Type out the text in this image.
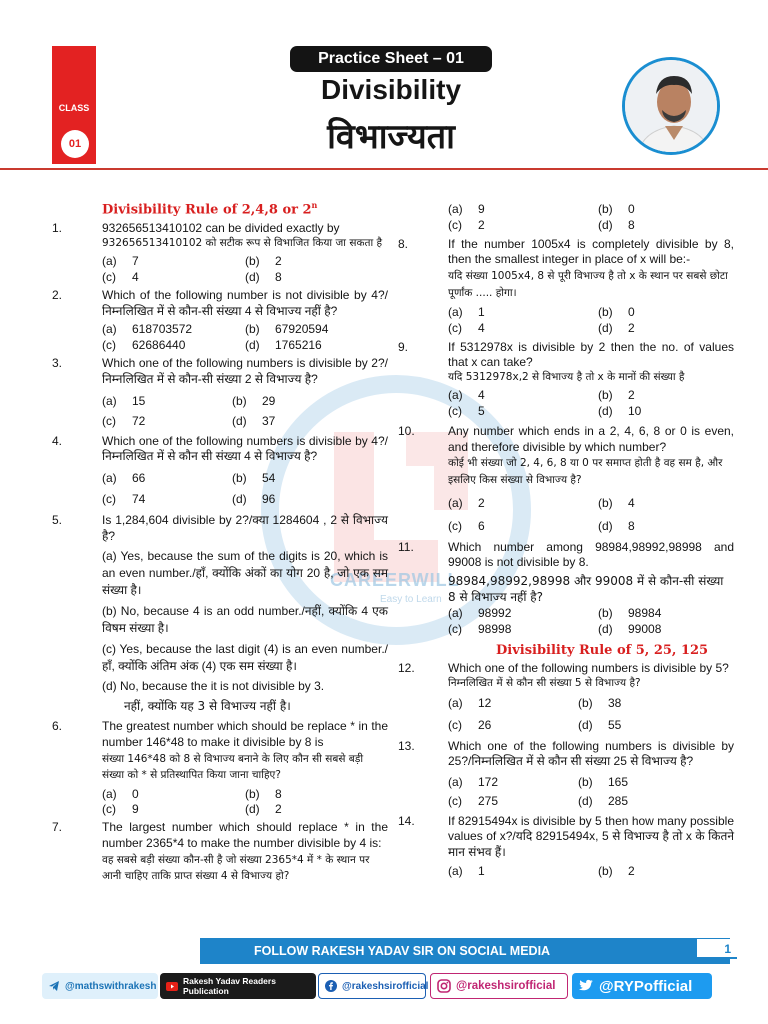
CLASS
01
Practice Sheet – 01
Divisibility
विभाज्यता
CAREERWILL
Easy to Learn
Divisibility Rule of 2,4,8 or 2$^n$
1.	932656513410102 can be divided exactly by
932656513410102 को सटीक रूप से विभाजित किया जा सकता है
(a) 7	(b) 2
(c)	4	(d) 8
2.	Which of the following number is not divisible by 4?/निम्नलिखित में से कौन-सी संख्या 4 से विभाज्य नहीं है?
(a) 618703572	(b) 67920594
(c)	62686440	(d) 1765216
3.	Which one of the following numbers is divisible by 2?/निम्नलिखित में से कौन-सी संख्या 2 से विभाज्य है?
(a) 15	(b) 29
(c)	72	(d) 37
4.	Which one of the following numbers is divisible by 4?/निम्नलिखित में से कौन सी संख्या 4 से विभाज्य है?
(a) 66	(b) 54
(c)	74	(d) 96
5.	Is 1,284,604 divisible by 2?/क्या 1284604 , 2 से विभाज्य है?
(a) Yes, because the sum of the digits is 20, which is an even number./हाँ, क्योंकि अंकों का योग 20 है, जो एक सम संख्या है।
(b) No, because 4 is an odd number./नहीं, क्योंकि 4 एक विषम संख्या है।
(c) Yes, because the last digit (4) is an even number./हाँ, क्योंकि अंतिम अंक (4) एक सम संख्या है।
(d) No, because the it is not divisible by 3.
नहीं, क्योंकि यह 3 से विभाज्य नहीं है।
6.	The greatest number which should be replace * in the number 146*48 to make it divisible by 8 is
संख्या 146*48 को 8 से विभाज्य बनाने के लिए कौन सी सबसे बड़ी संख्या को * से प्रतिस्थापित किया जाना चाहिए?
(a) 0	(b) 8
(c)	9	(d) 2
7.	The largest number which should replace * in the number 2365*4 to make the number divisible by 4 is:
वह सबसे बड़ी संख्या कौन-सी है जो संख्या 2365*4 में * के स्थान पर आनी चाहिए ताकि प्राप्त संख्या 4 से विभाज्य हो?
(a) 9	(b) 0
(c)	2	(d) 8
8.	If the number 1005x4 is completely divisible by 8, then the smallest integer in place of x will be:-
यदि संख्या 1005x4, 8 से पूरी विभाज्य है तो x के स्थान पर सबसे छोटा पूर्णांक ..... होगा।
(a) 1	(b) 0
(c)	4	(d) 2
9.	If 5312978x is divisible by 2 then the no. of values that x can take?
यदि 5312978x,2 से विभाज्य है तो x के मानों की संख्या है
(a) 4	(b) 2
(c)	5	(d) 10
10.	Any number which ends in a 2, 4, 6, 8 or 0 is even, and therefore divisible by which number?
कोई भी संख्या जो 2, 4, 6, 8 या 0 पर समाप्त होती है वह सम है, और इसलिए किस संख्या से विभाज्य है?
(a) 2	(b) 4
(c)	6	(d) 8
11.	Which number among 98984,98992,98998 and 99008 is not divisible by 8.
98984,98992,98998 और 99008 में से कौन-सी संख्या 8 से विभाज्य नहीं है?
(a) 98992	(b) 98984
(c)	98998	(d) 99008
Divisibility Rule of 5, 25, 125
12.	Which one of the following numbers is divisible by 5?
निम्नलिखित में से कौन सी संख्या 5 से विभाज्य है?
(a) 12	(b) 38
(c)	26	(d) 55
13.	Which one of the following numbers is divisible by 25?/निम्नलिखित में से कौन सी संख्या 25 से विभाज्य है?
(a) 172	(b) 165
(c)	275	(d) 285
14.	If 82915494x is divisible by 5 then how many possible values of x?/यदि 82915494x, 5 से विभाज्य है तो x के कितने मान संभव हैं।
(a) 1	(b) 2
FOLLOW RAKESH YADAV SIR ON SOCIAL MEDIA	1
@mathswithrakesh	Rakesh Yadav Readers Publication	@rakeshsirofficial @rakeshsirofficial	@RYPofficial
